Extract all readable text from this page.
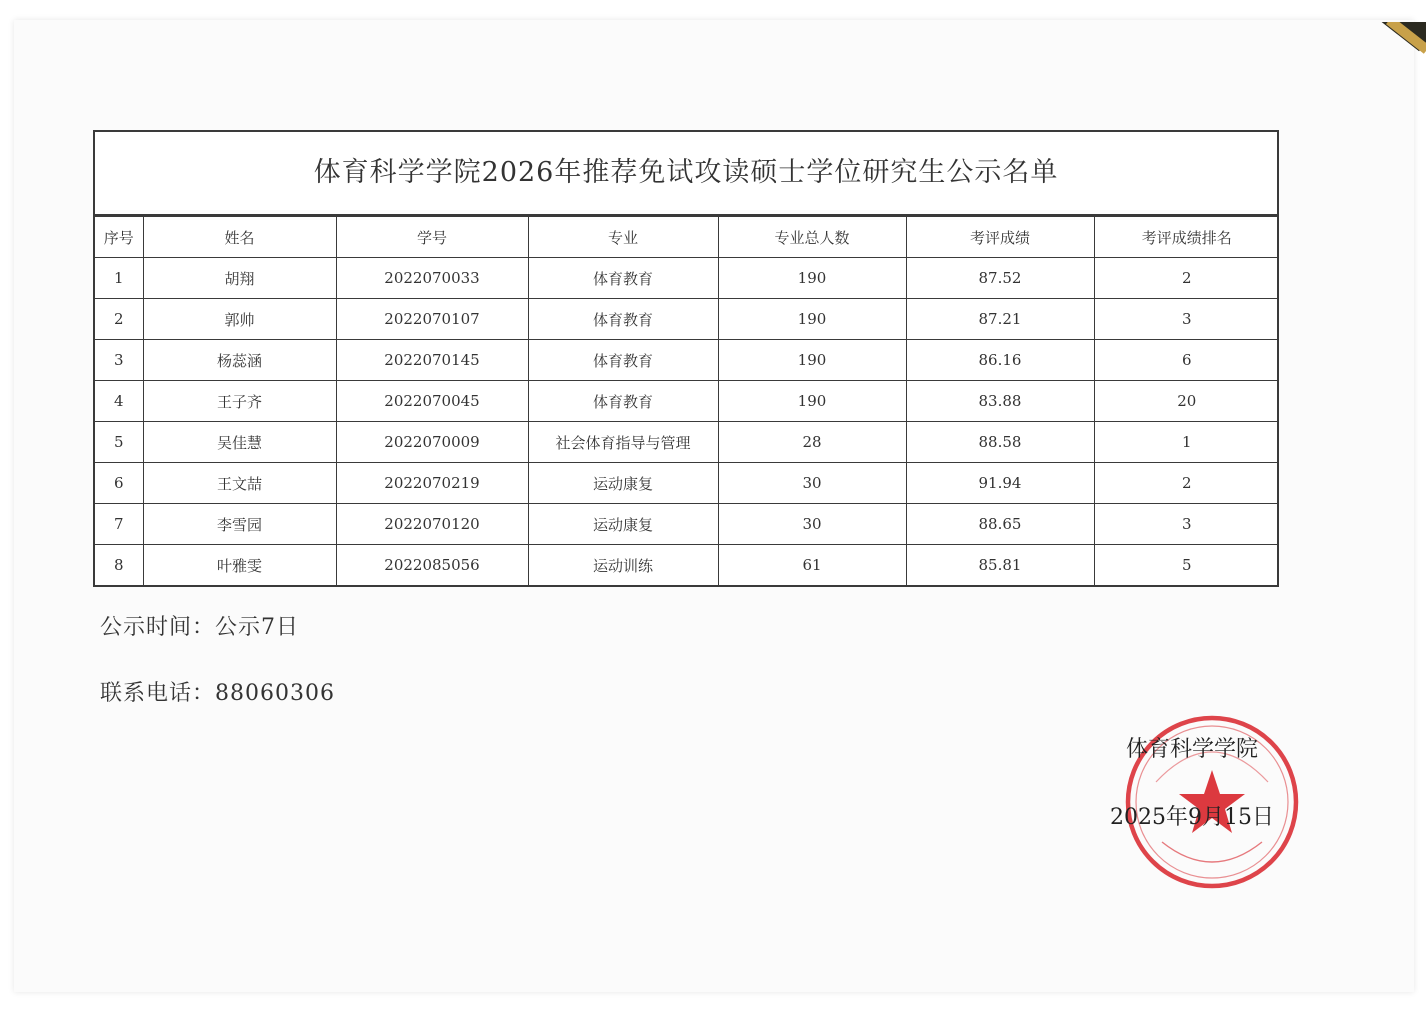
体育科学学院2026年推荐免试攻读硕士学位研究生公示名单
序号	姓名	学号	专业	专业总人数	考评成绩	考评成绩排名
1	胡翔	2022070033	体育教育	190	87.52	2
2	郭帅	2022070107	体育教育	190	87.21	3
3	杨蕊涵	2022070145	体育教育	190	86.16	6
4	王子齐	2022070045	体育教育	190	83.88	20
5	吴佳慧	2022070009	社会体育指导与管理	28	88.58	1
6	王文喆	2022070219	运动康复	30	91.94	2
7	李雪园	2022070120	运动康复	30	88.65	3
8	叶雅雯	2022085056	运动训练	61	85.81	5
公示时间：公示7日
联系电话：88060306
体育科学学院
2025年9月15日
